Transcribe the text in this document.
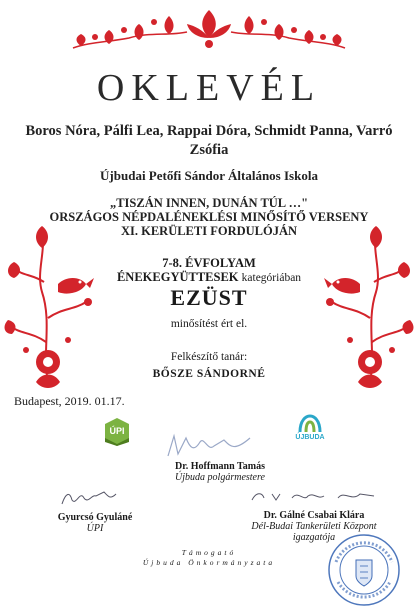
OKLEVÉL
Boros Nóra, Pálfi Lea, Rappai Dóra, Schmidt Panna, Varró Zsófia
Újbudai Petőfi Sándor Általános Iskola
„TISZÁN INNEN, DUNÁN TÚL …"
ORSZÁGOS NÉPDALÉNEKLÉSI MINŐSÍTŐ VERSENY
XI. KERÜLETI FORDULÓJÁN
7-8. ÉVFOLYAM
ÉNEKEGYÜTTESEK kategóriában
EZÜST
minősítést ért el.
Felkészítő tanár:
BŐSZE SÁNDORNÉ
Budapest, 2019. 01.17.
ÚPI
ÚJBUDA
Dr. Hoffmann Tamás
Újbuda polgármestere
Gyurcsó Gyuláné
ÚPI
Dr. Gálné Csabai Klára
Dél-Budai Tankerületi Központ
igazgatója
Támogató
Újbuda Önkormányzata
